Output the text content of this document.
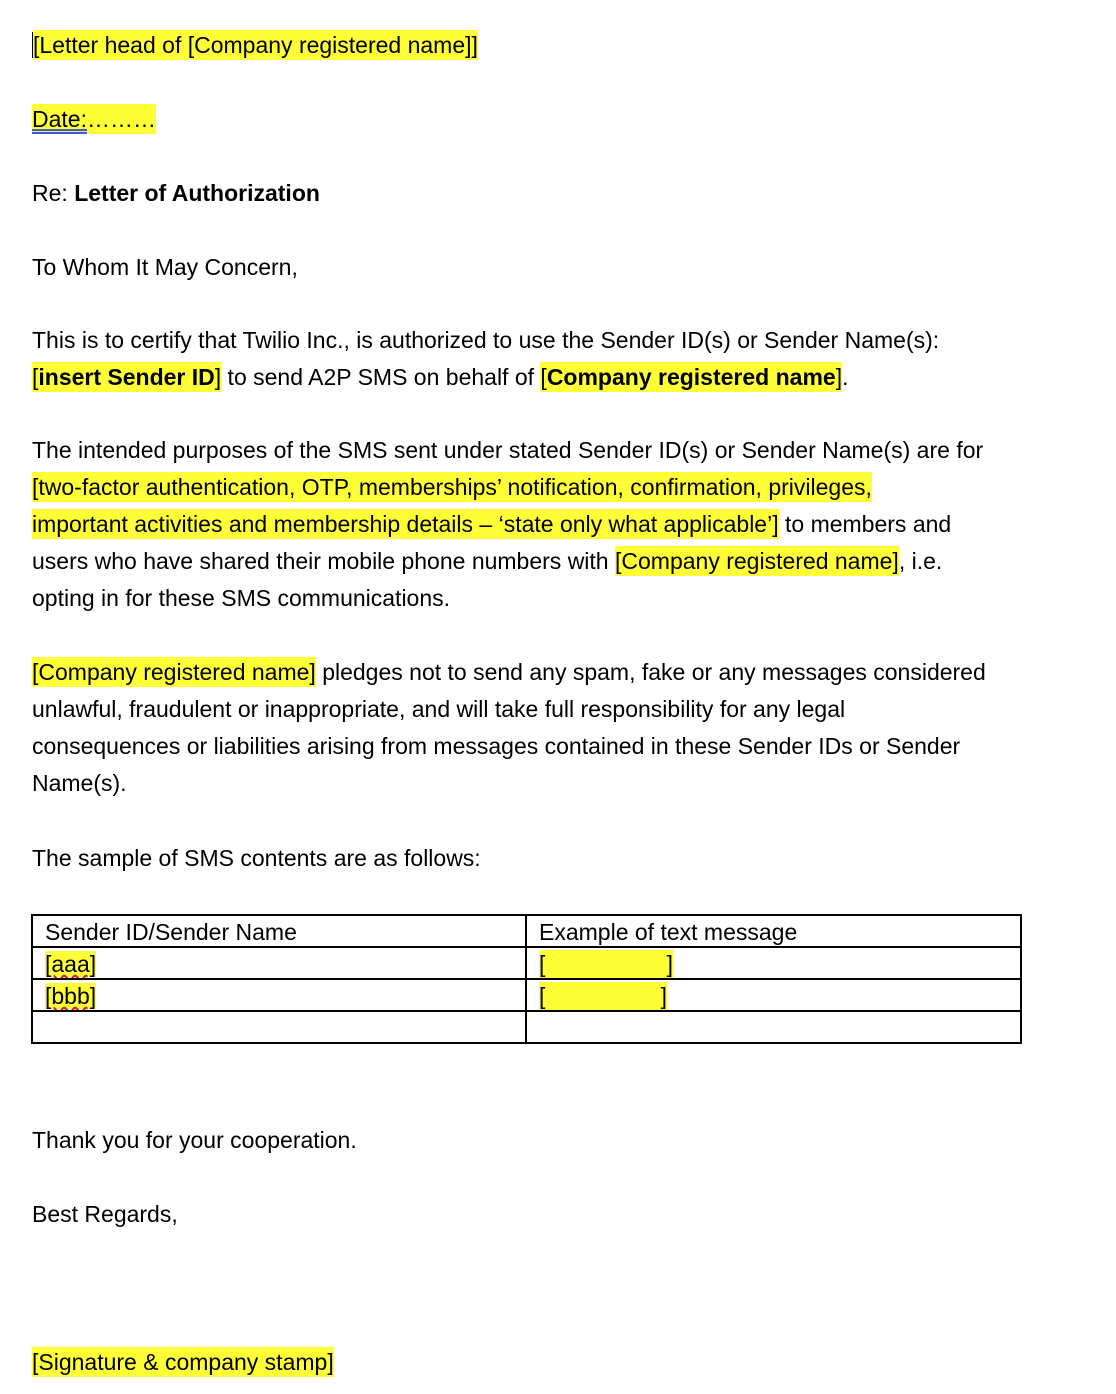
[Letter head of [Company registered name]]

Date:………

Re: Letter of Authorization

To Whom It May Concern,

This is to certify that Twilio Inc., is authorized to use the Sender ID(s) or Sender Name(s):
[insert Sender ID] to send A2P SMS on behalf of [Company registered name].
The intended purposes of the SMS sent under stated Sender ID(s) or Sender Name(s) are for
[two-factor authentication, OTP, memberships’ notification, confirmation, privileges,
important activities and membership details – ‘state only what applicable’] to members and
users who have shared their mobile phone numbers with [Company registered name], i.e.
opting in for these SMS communications.
[Company registered name] pledges not to send any spam, fake or any messages considered
unlawful, fraudulent or inappropriate, and will take full responsibility for any legal
consequences or liabilities arising from messages contained in these Sender IDs or Sender
Name(s).

The sample of SMS contents are as follows:

Sender ID/Sender Name	Example of text message
[aaa]	[ ]

[bbb]	[ ]

Thank you for your cooperation.

Best Regards,

[Signature & company stamp]
